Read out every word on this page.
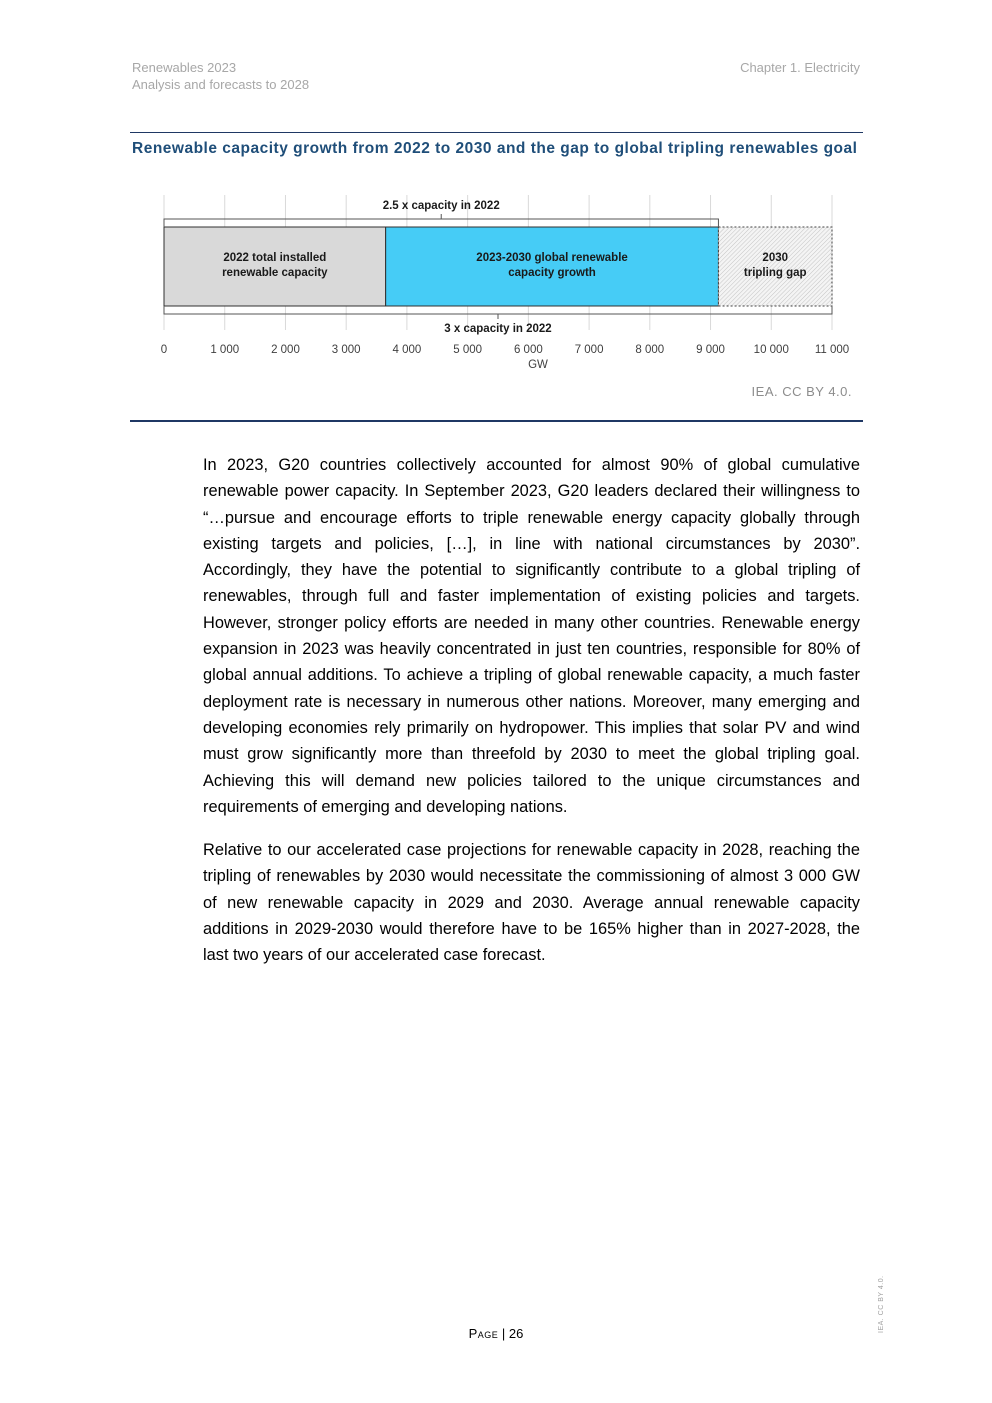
Renewables 2023
Analysis and forecasts to 2028
Chapter 1. Electricity
Renewable capacity growth from 2022 to 2030 and the gap to global tripling renewables goal
2022 total installed
renewable capacity
2023-2030 global renewable
capacity growth
2030
tripling gap
2.5 x capacity in 2022
3 x capacity in 2022
0	1 000	2 000	3 000	4 000	5 000	6 000	7 000	8 000	9 000 10 000 11 000
GW
IEA. CC BY 4.0.

In 2023, G20 countries collectively accounted for almost 90% of global cumulative renewable power capacity. In September 2023, G20 leaders declared their willingness to “…pursue and encourage efforts to triple renewable energy capacity globally through existing targets and policies, […], in line with national circumstances by 2030”. Accordingly, they have the potential to significantly contribute to a global tripling of renewables, through full and faster implementation of existing policies and targets. However, stronger policy efforts are needed in many other countries. Renewable energy expansion in 2023 was heavily concentrated in just ten countries, responsible for 80% of global annual additions. To achieve a tripling of global renewable capacity, a much faster deployment rate is necessary in numerous other nations. Moreover, many emerging and developing economies rely primarily on hydropower. This implies that solar PV and wind must grow significantly more than threefold by 2030 to meet the global tripling goal. Achieving this will demand new policies tailored to the unique circumstances and requirements of emerging and developing nations.

Relative to our accelerated case projections for renewable capacity in 2028, reaching the tripling of renewables by 2030 would necessitate the commissioning of almost 3 000 GW of new renewable capacity in 2029 and 2030. Average annual renewable capacity additions in 2029-2030 would therefore have to be 165% higher than in 2027-2028, the last two years of our accelerated case forecast.

Page | 26
IEA. CC BY 4.0.
